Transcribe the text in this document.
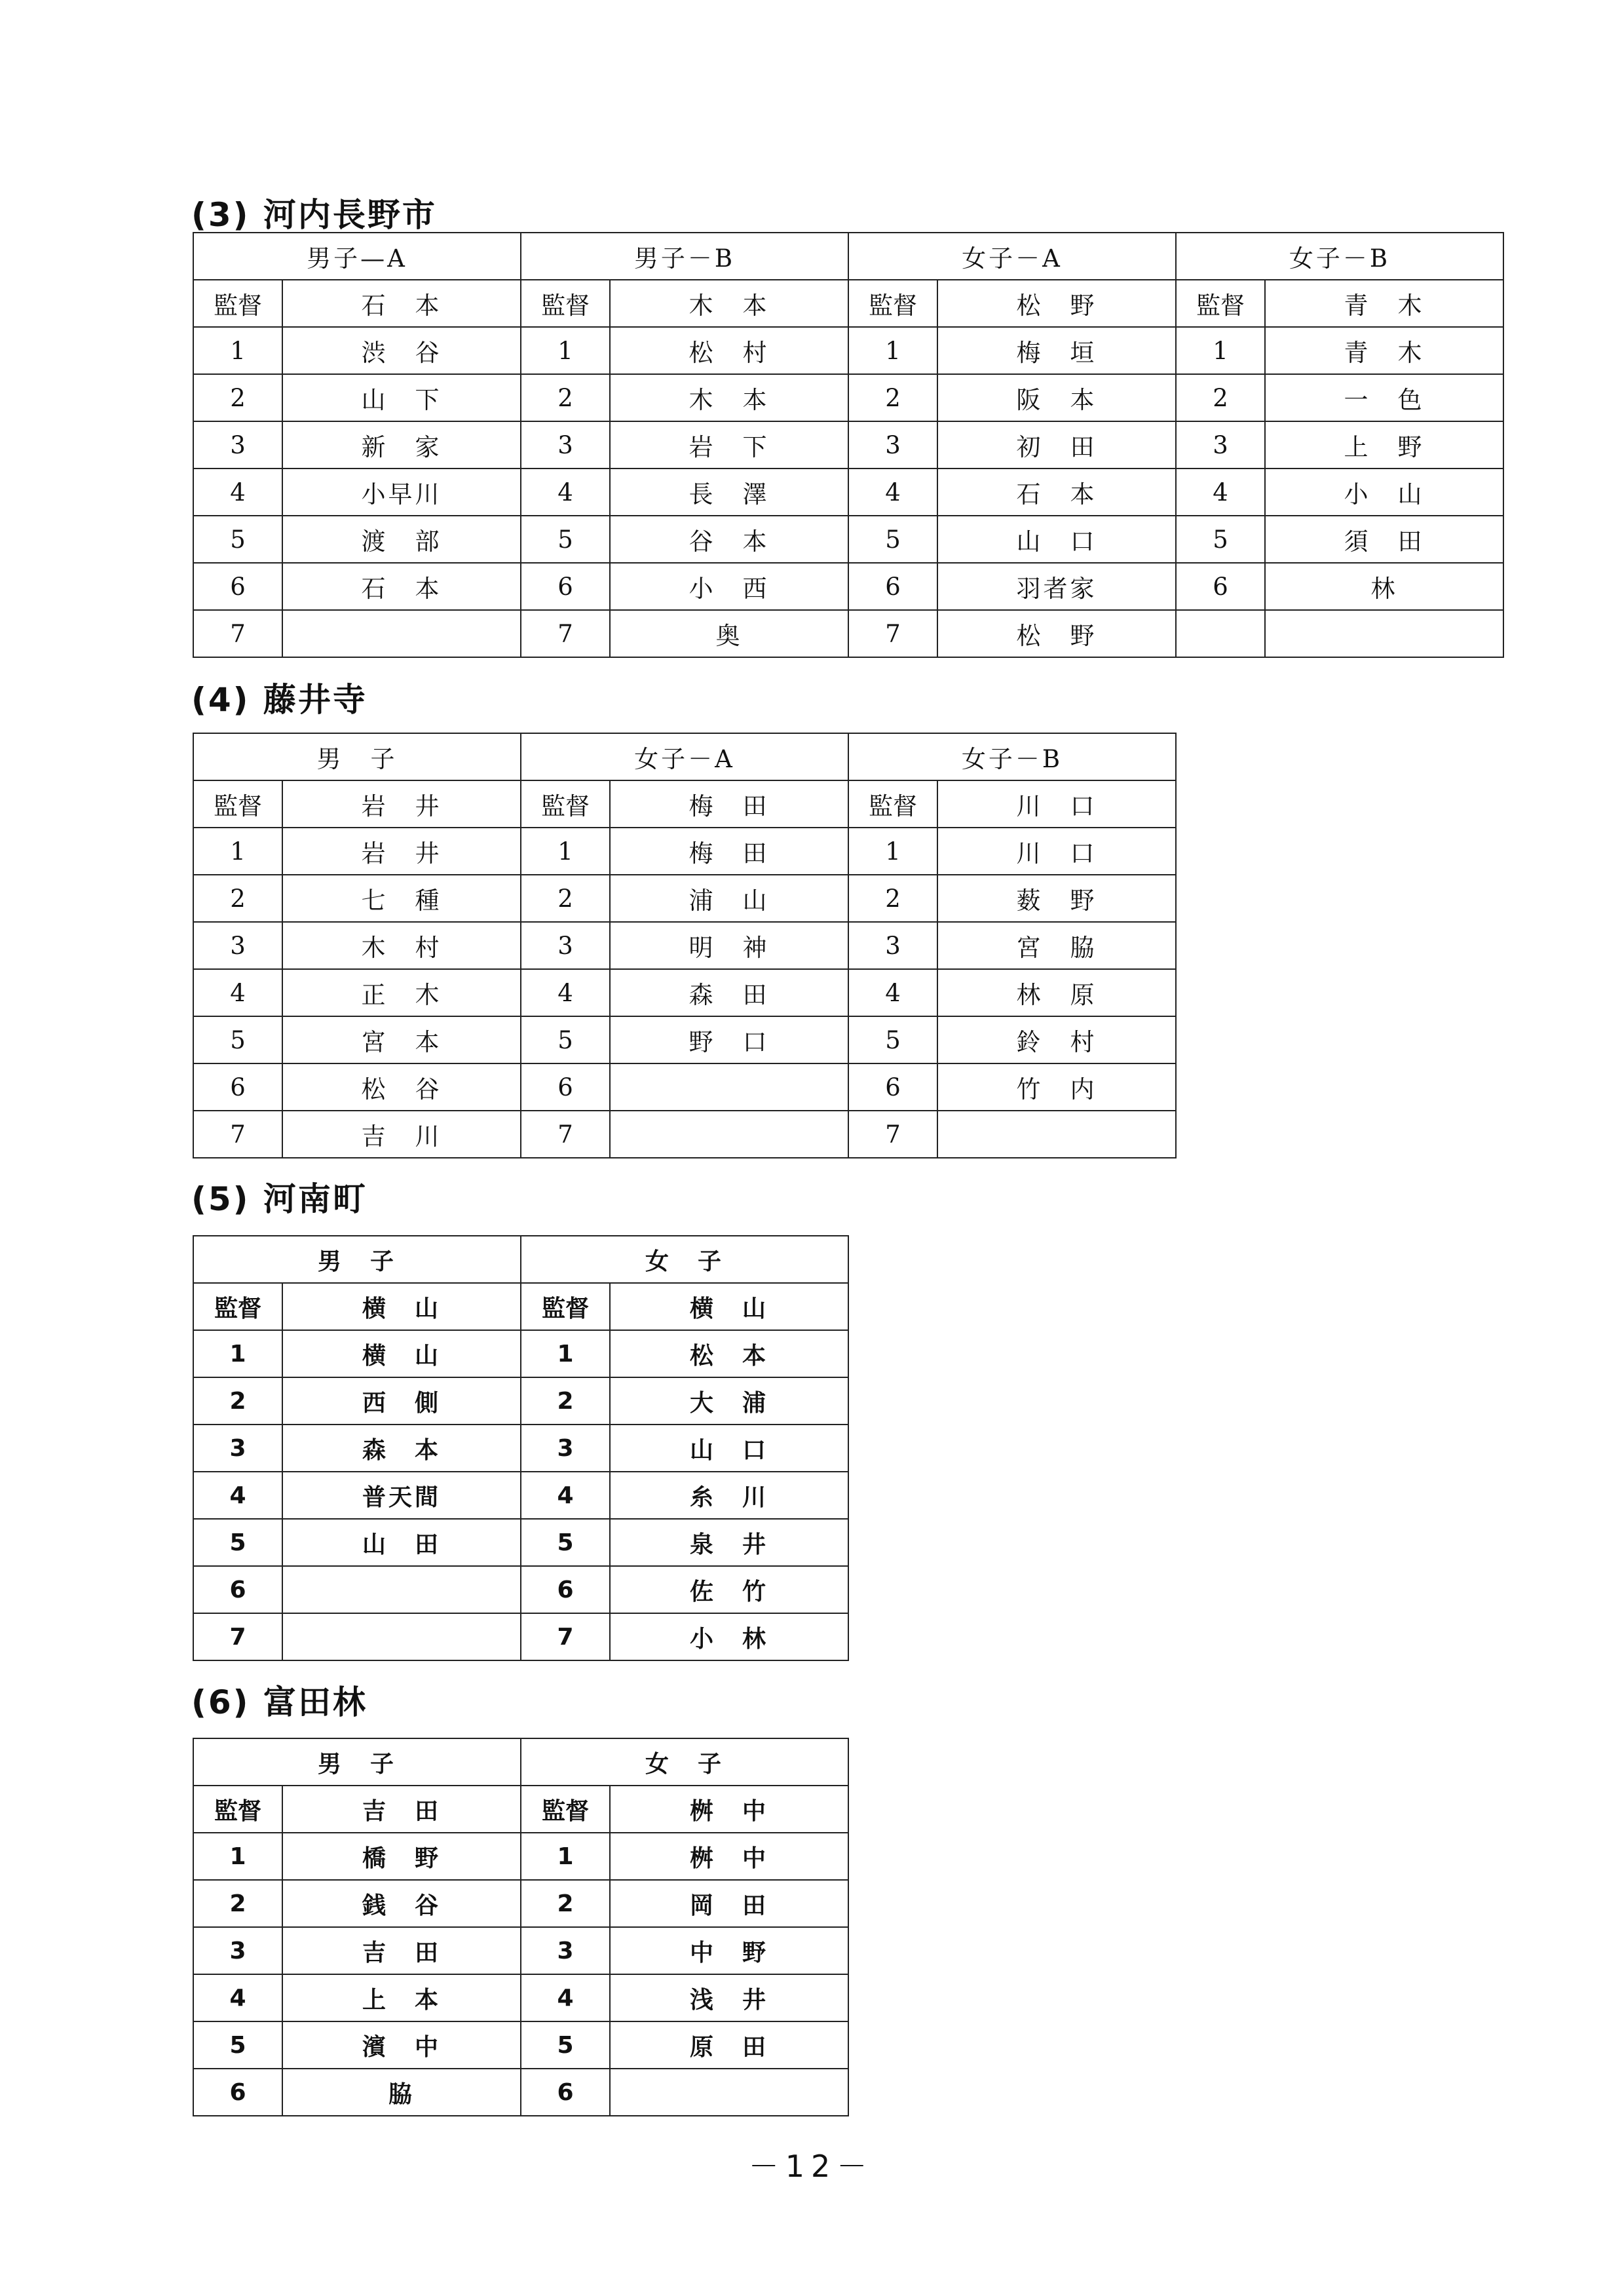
(3) 河内長野市
男子—A		男子－B		女子－A		女子－B	
監督	石　本	監督	木　本	監督	松　野	監督	青　木
1	渋　谷	1	松　村	1	梅　垣	1	青　木
2	山　下	2	木　本	2	阪　本	2	一　色
3	新　家	3	岩　下	3	初　田	3	上　野
4	小早川	4	長　澤	4	石　本	4	小　山
5	渡　部	5	谷　本	5	山　口	5	須　田
6	石　本	6	小　西	6	羽者家	6	林
7		7	奥	7	松　野		
(4) 藤井寺
男　子		女子－A		女子－B	
監督	岩　井	監督	梅　田	監督	川　口
1	岩　井	1	梅　田	1	川　口
2	七　種	2	浦　山	2	薮　野
3	木　村	3	明　神	3	宮　脇
4	正　木	4	森　田	4	林　原
5	宮　本	5	野　口	5	鈴　村
6	松　谷	6		6	竹　内
7	吉　川	7		7	
(5) 河南町
男　子		女　子	
監督	横　山	監督	横　山
1	横　山	1	松　本
2	西　側	2	大　浦
3	森　本	3	山　口
4	普天間	4	糸　川
5	山　田	5	泉　井
6		6	佐　竹
7		7	小　林
(6) 富田林
男　子		女　子	
監督	吉　田	監督	桝　中
1	橋　野	1	桝　中
2	銭　谷	2	岡　田
3	吉　田	3	中　野
4	上　本	4	浅　井
5	濱　中	5	原　田
6	脇	6	
－12－
